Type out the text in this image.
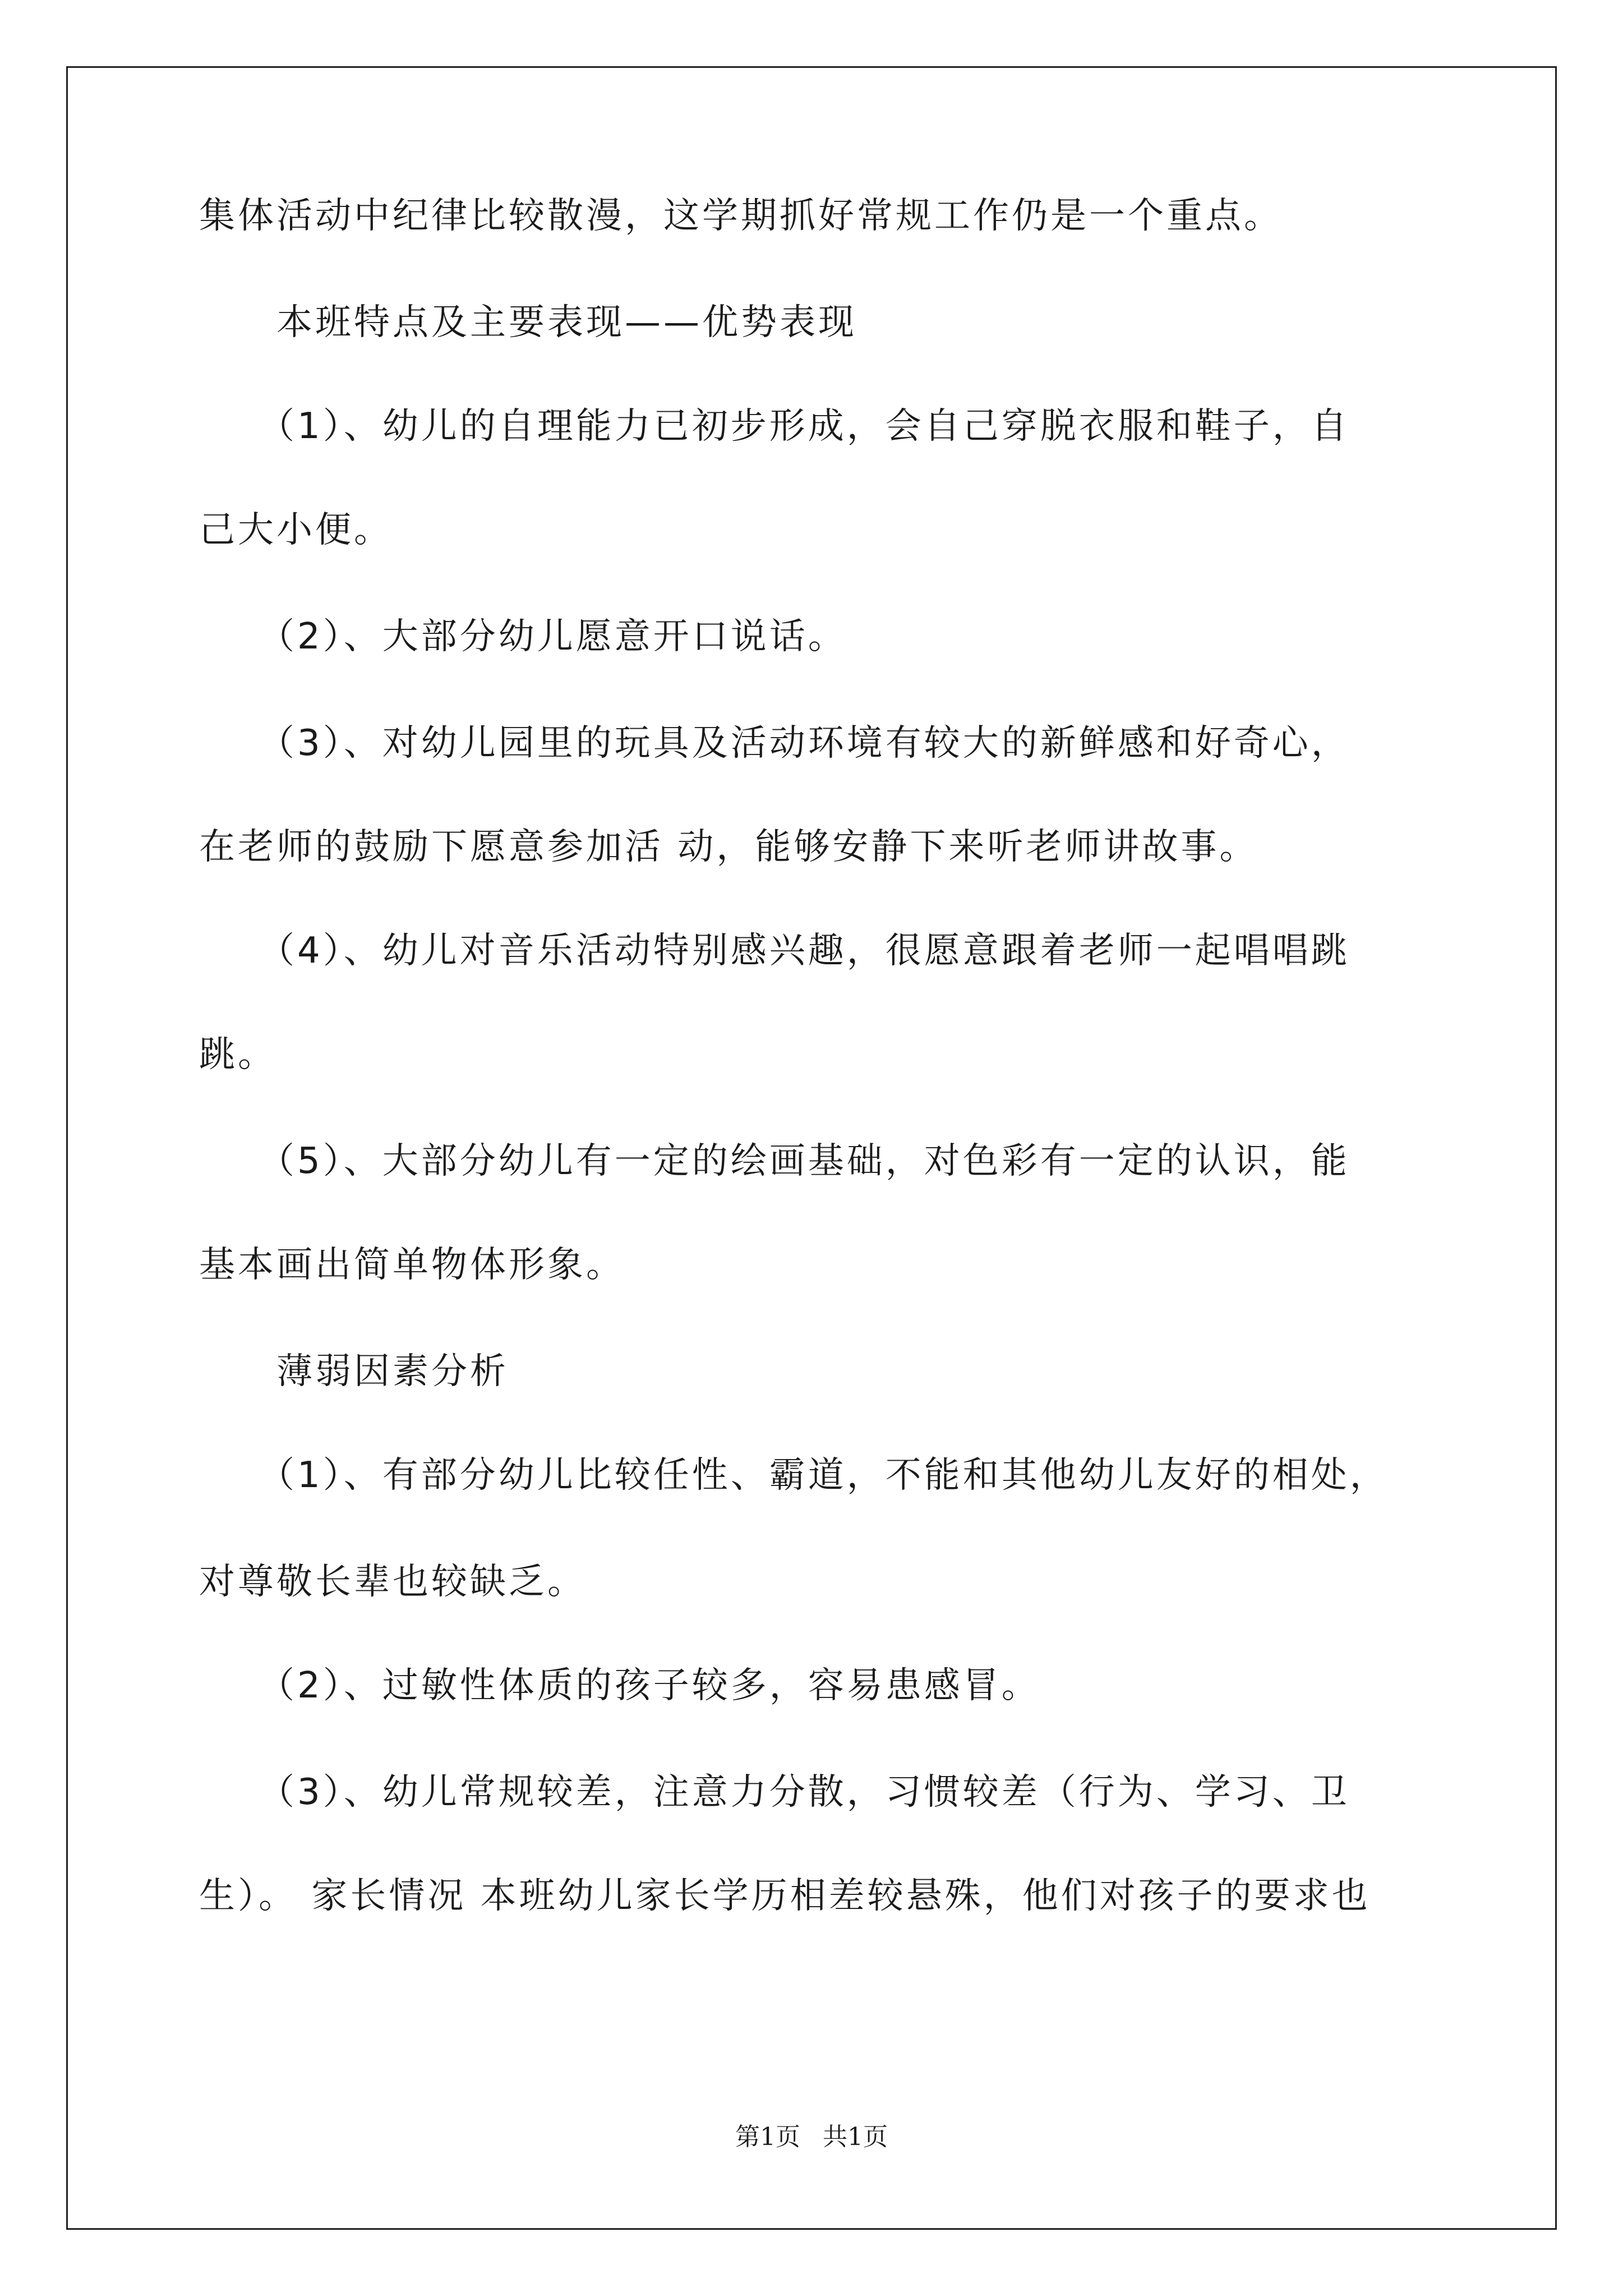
集体活动中纪律比较散漫，这学期抓好常规工作仍是一个重点。
　　本班特点及主要表现——优势表现
　　（1）、幼儿的自理能力已初步形成，会自己穿脱衣服和鞋子，自
己大小便。
　　（2）、大部分幼儿愿意开口说话。
　　（3）、对幼儿园里的玩具及活动环境有较大的新鲜感和好奇心，
在老师的鼓励下愿意参加活 动，能够安静下来听老师讲故事。
　　（4）、幼儿对音乐活动特别感兴趣，很愿意跟着老师一起唱唱跳
跳。
　　（5）、大部分幼儿有一定的绘画基础，对色彩有一定的认识，能
基本画出简单物体形象。
　　薄弱因素分析
　　（1）、有部分幼儿比较任性、霸道，不能和其他幼儿友好的相处，
对尊敬长辈也较缺乏。
　　（2）、过敏性体质的孩子较多，容易患感冒。
　　（3）、幼儿常规较差，注意力分散，习惯较差（行为、学习、卫
生）。 家长情况 本班幼儿家长学历相差较悬殊，他们对孩子的要求也
第1页 共1页
